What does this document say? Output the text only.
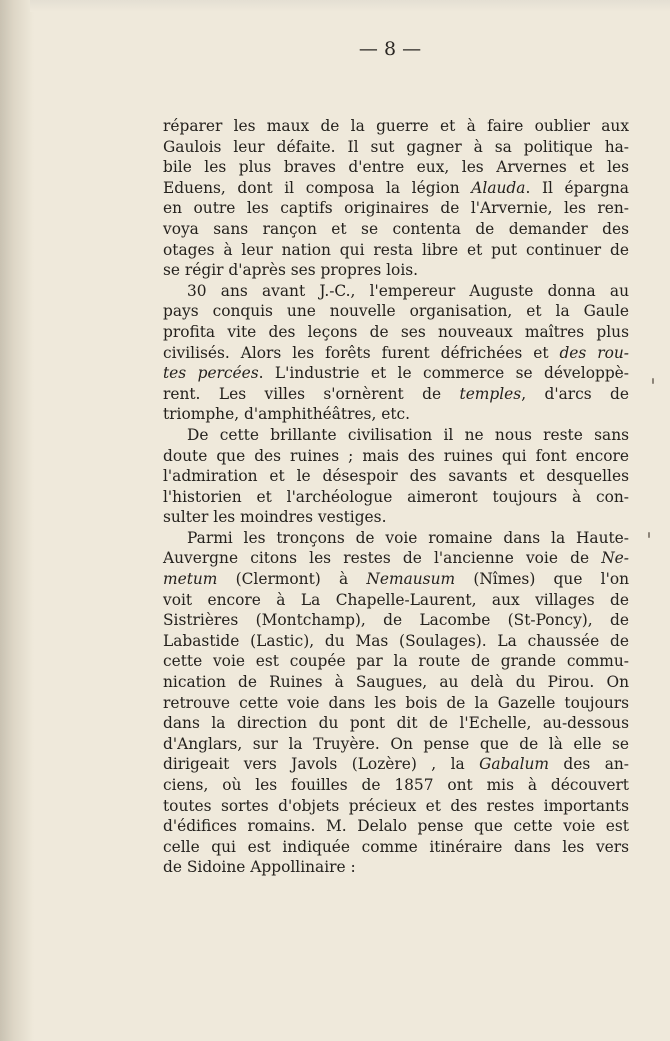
— 8 —
réparer les maux de la guerre et à faire oublier aux
Gaulois leur défaite. Il sut gagner à sa politique ha-
bile les plus braves d'entre eux, les Arvernes et les
Eduens, dont il composa la légion Alauda. Il épargna
en outre les captifs originaires de l'Arvernie, les ren-
voya sans rançon et se contenta de demander des
otages à leur nation qui resta libre et put continuer de
se régir d'après ses propres lois.
30 ans avant J.-C., l'empereur Auguste donna au
pays conquis une nouvelle organisation, et la Gaule
profita vite des leçons de ses nouveaux maîtres plus
civilisés. Alors les forêts furent défrichées et des rou-
tes percées. L'industrie et le commerce se développè-
rent. Les villes s'ornèrent de temples, d'arcs de
triomphe, d'amphithéâtres, etc.
De cette brillante civilisation il ne nous reste sans
doute que des ruines ; mais des ruines qui font encore
l'admiration et le désespoir des savants et desquelles
l'historien et l'archéologue aimeront toujours à con-
sulter les moindres vestiges.
Parmi les tronçons de voie romaine dans la Haute-
Auvergne citons les restes de l'ancienne voie de Ne-
metum (Clermont) à Nemausum (Nîmes) que l'on
voit encore à La Chapelle-Laurent, aux villages de
Sistrières (Montchamp), de Lacombe (St-Poncy), de
Labastide (Lastic), du Mas (Soulages). La chaussée de
cette voie est coupée par la route de grande commu-
nication de Ruines à Saugues, au delà du Pirou. On
retrouve cette voie dans les bois de la Gazelle toujours
dans la direction du pont dit de l'Echelle, au-dessous
d'Anglars, sur la Truyère. On pense que de là elle se
dirigeait vers Javols (Lozère) , la Gabalum des an-
ciens, où les fouilles de 1857 ont mis à découvert
toutes sortes d'objets précieux et des restes importants
d'édifices romains. M. Delalo pense que cette voie est
celle qui est indiquée comme itinéraire dans les vers
de Sidoine Appollinaire :
